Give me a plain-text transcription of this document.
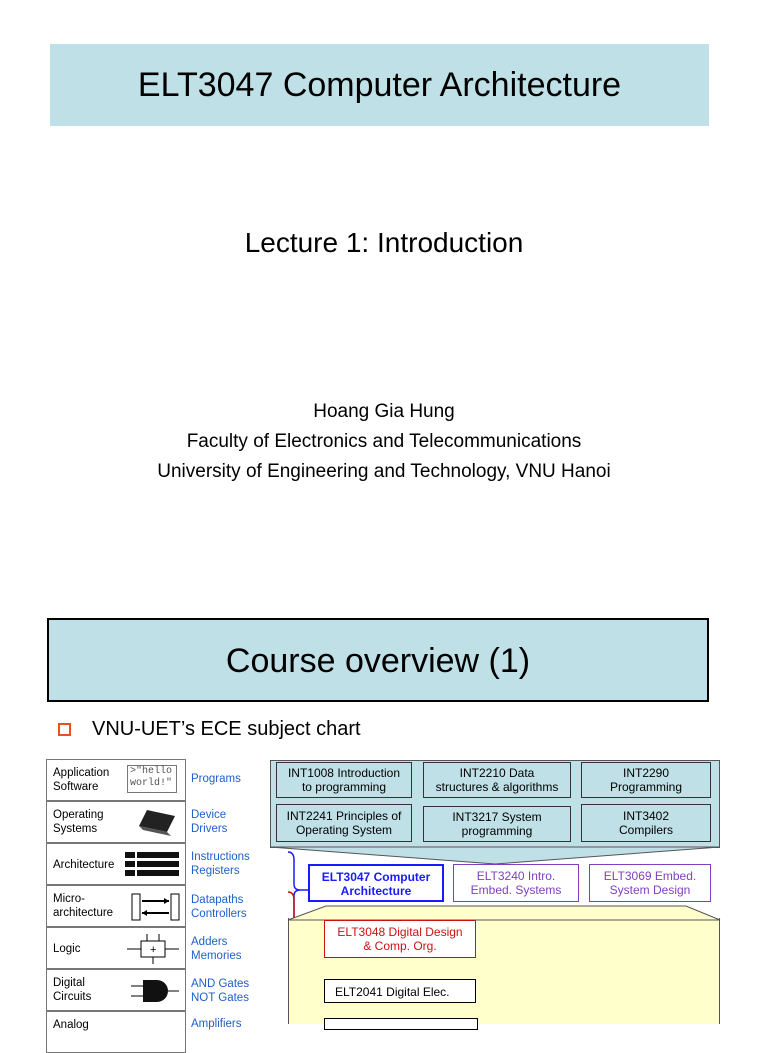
ELT3047 Computer Architecture
Lecture 1: Introduction
Hoang Gia Hung
Faculty of Electronics and Telecommunications
University of Engineering and Technology, VNU Hanoi
Course overview (1)
VNU-UET’s ECE subject chart
Application
Software
>"hello
world!"
Operating
Systems
Architecture
Micro-
architecture
Logic	+
Digital
Circuits
Analog
Programs
Device
Drivers
Instructions
Registers
Datapaths
Controllers
Adders
Memories
AND Gates
NOT Gates
Amplifiers
INT1008 Introduction
to programming
INT2210 Data
structures & algorithms
INT2290
Programming
INT2241 Principles of
Operating System
INT3217 System
programming
INT3402
Compilers
ELT3047 Computer
Architecture
ELT3240 Intro.
Embed. Systems
ELT3069 Embed.
System Design
ELT3048 Digital Design
& Comp. Org.
ELT2041 Digital Elec.
